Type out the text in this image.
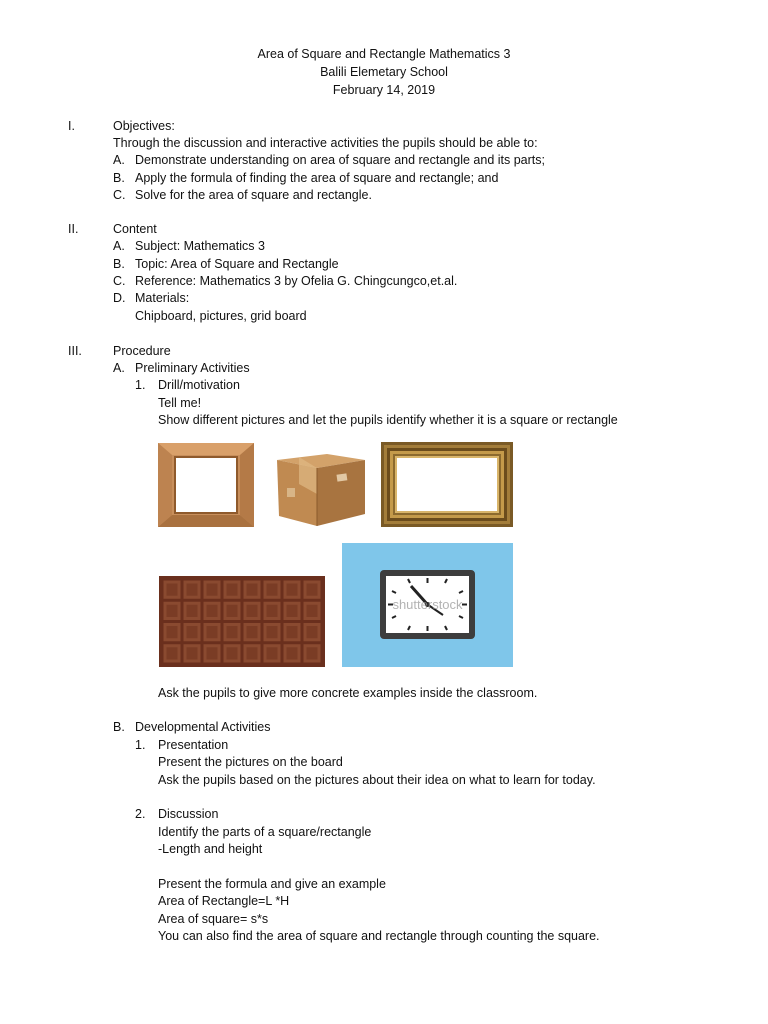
Area of Square and Rectangle Mathematics 3
Balili Elemetary School
February 14, 2019
I.	Objectives:
Through the discussion and interactive activities the pupils should be able to:
A. Demonstrate understanding on area of square and rectangle and its parts;
B. Apply the formula of finding the area of square and rectangle; and
C. Solve for the area of square and rectangle.
II.	Content
A. Subject: Mathematics 3
B. Topic: Area of Square and Rectangle
C. Reference: Mathematics 3 by Ofelia G. Chingcungco,et.al.
D. Materials:
Chipboard, pictures, grid board
III. Procedure
A. Preliminary Activities
1. Drill/motivation
Tell me!
Show different pictures and let the pupils identify whether it is a square or rectangle
shutterstock
Ask the pupils to give more concrete examples inside the classroom.
B. Developmental Activities
1. Presentation
Present the pictures on the board
Ask the pupils based on the pictures about their idea on what to learn for today.
2. Discussion
Identify the parts of a square/rectangle
-Length and height
Present the formula and give an example
Area of Rectangle=L *H
Area of square= s*s
You can also find the area of square and rectangle through counting the square.
